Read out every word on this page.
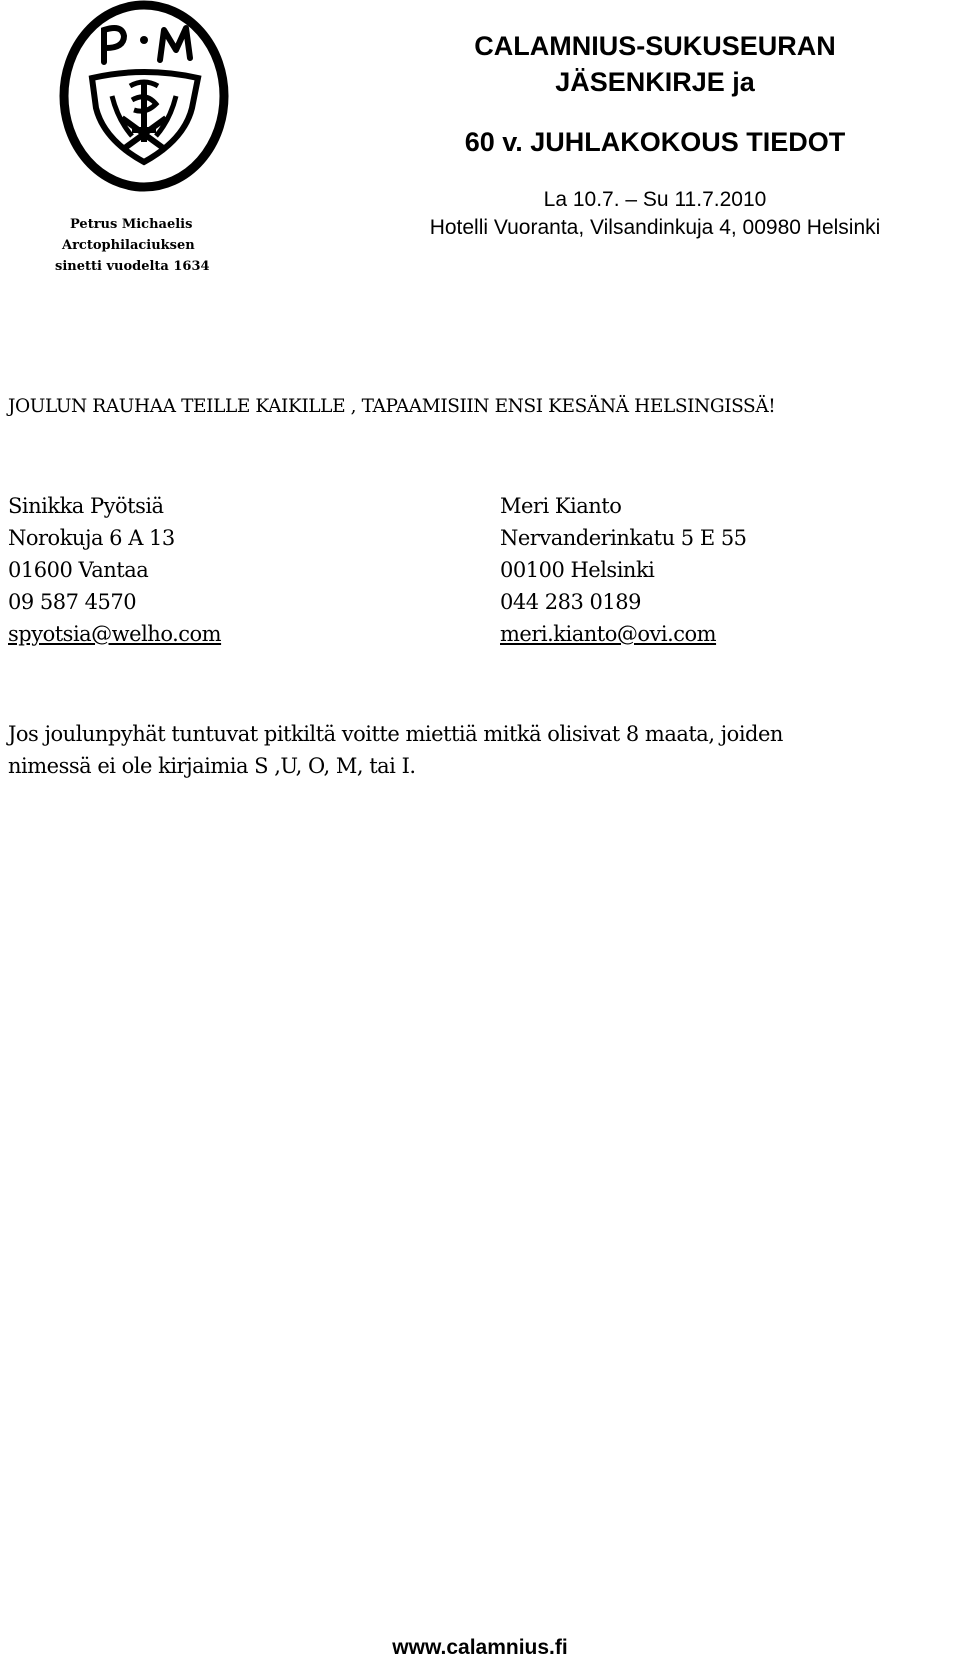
Petrus Michaelis
Arctophilaciuksen
sinetti vuodelta 1634
CALAMNIUS-SUKUSEURAN
JÄSENKIRJE ja
60 v. JUHLAKOKOUS TIEDOT
La 10.7. – Su 11.7.2010
Hotelli Vuoranta, Vilsandinkuja 4, 00980 Helsinki
JOULUN RAUHAA TEILLE KAIKILLE , TAPAAMISIIN ENSI KESÄNÄ HELSINGISSÄ!
Sinikka Pyötsiä
Norokuja 6 A 13
01600 Vantaa
09 587 4570
spyotsia@welho.com
Meri Kianto
Nervanderinkatu 5 E 55
00100 Helsinki
044 283 0189
meri.kianto@ovi.com
Jos joulunpyhät tuntuvat pitkiltä voitte miettiä mitkä olisivat 8 maata, joiden
nimessä ei ole kirjaimia S ,U, O, M, tai I.
www.calamnius.fi
